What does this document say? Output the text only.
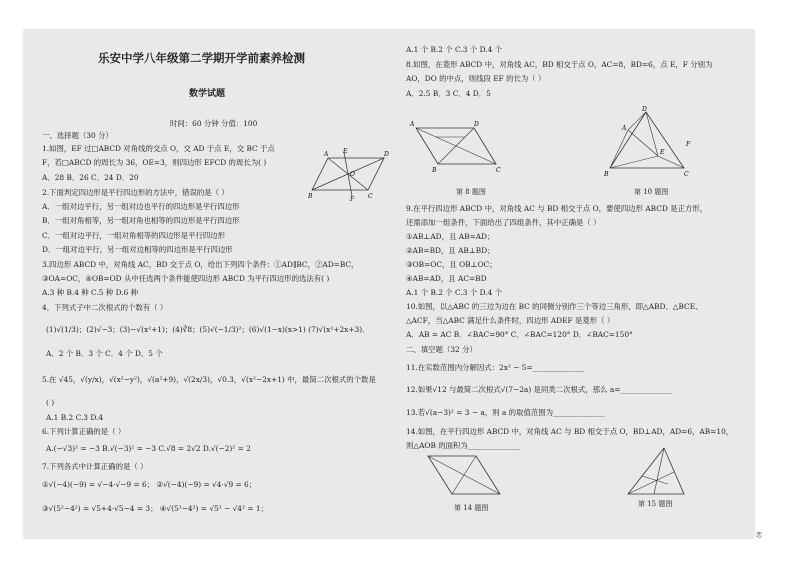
乐安中学八年级第二学期开学前素养检测
数学试题
时间：60 分钟 分值：100
一、选择题（30 分）
1.如图，EF 过□ABCD 对角线的交点 O，交 AD 于点 E，交 BC 于点
F，若□ABCD 的周长为 36，OE=3，则四边形 EFCD 的周长为( )
A．28 B．26 C．24 D．20
A E	D
B	F C
O
2.下面判定四边形是平行四边形的方法中，错误的是（ ）
A．一组对边平行，另一组对边也平行的四边形是平行四边形
B．一组对角相等，另一组对角也相等的四边形是平行四边形
C．一组对边平行，一组对角相等的四边形是平行四边形
D．一组对边平行，另一组对边相等的四边形是平行四边形
3.四边形 ABCD 中，对角线 AC，BD 交于点 O，给出下列四个条件：①AD∥BC，②AD=BC，
③OA=OC，④OB=OD 从中任选两个条件能使四边形 ABCD 为平行四边形的选法有( )
A.3 种 B.4 种 C.5 种 D.6 种
4．下列式子中二次根式的个数有（ ）
(1)√(1/3)；(2)√−3；(3)−√(x²+1)；(4)∛8；(5)√(−1/3)²；(6)√(1−x)(x>1) (7)√(x²+2x+3)．
A．2 个 B．3 个 C．4 个 D．5 个
5.在 √45，√(y/x)，√(x²−y²)，√(a²+9)，√(2x/3)，√0.3，√(x²−2x+1) 中，最简二次根式的个数是
( )
A.1 B.2 C.3 D.4
6.下列计算正确的是（ ）
A.(−√3)² = −3 B.√(−3)² = −3 C.√8 = 2√2 D.√(−2)² = 2
7.下列各式中计算正确的是（ ）
①√(−4)(−9) = √−4·√−9 = 6； ②√(−4)(−9) = √4·√9 = 6；
③√(5²−4²) = √5+4·√5−4 = 3； ④√(5²−4²) = √5² − √4² = 1；
A.1 个 B.2 个 C.3 个 D.4 个
8.如图，在菱形 ABCD 中，对角线 AC，BD 相交于点 O，AC=8，BD=6，点 E，F 分别为
AO，DO 的中点，则线段 EF 的长为（ ）
A．2.5 B．3 C．4 D．5
A	D
B	C
D
F
A
E
B	C
第 8 题图	第 10 题图
9.在平行四边形 ABCD 中，对角线 AC 与 BD 相交于点 O，要使四边形 ABCD 是正方形，
还需添加一组条件，下面给出了四组条件，其中正确是（ ）
①AB⊥AD，且 AB=AD；
②AB=BD，且 AB⊥BD；
③OB=OC，且 OB⊥OC；
④AB=AD，且 AC=BD
A.1 个 B.2 个 C.3 个 D.4 个
10.如图，以△ABC 的三边为边在 BC 的同侧分别作三个等边三角形，即△ABD、△BCE、
△ACF，当△ABC 满足什么条件时，四边形 ADEF 是菱形（ ）
A．AB = AC B．∠BAC=90° C．∠BAC=120° D．∠BAC=150°
二、填空题（32 分）
11.在实数范围内分解因式：2x² − 5=______________
12.如果√12 与最简二次根式√(7−2a) 是同类二次根式，那么 a=______________
13.若√(a−3)² = 3 − a，则 a 的取值范围为______________
14.如图，在平行四边形 ABCD 中，对角线 AC 与 BD 相交于点 O，BD⊥AD，AD=6，AB=10，
则△AOB 的面积为______________
第 14 题图	第 15 题图
恋
